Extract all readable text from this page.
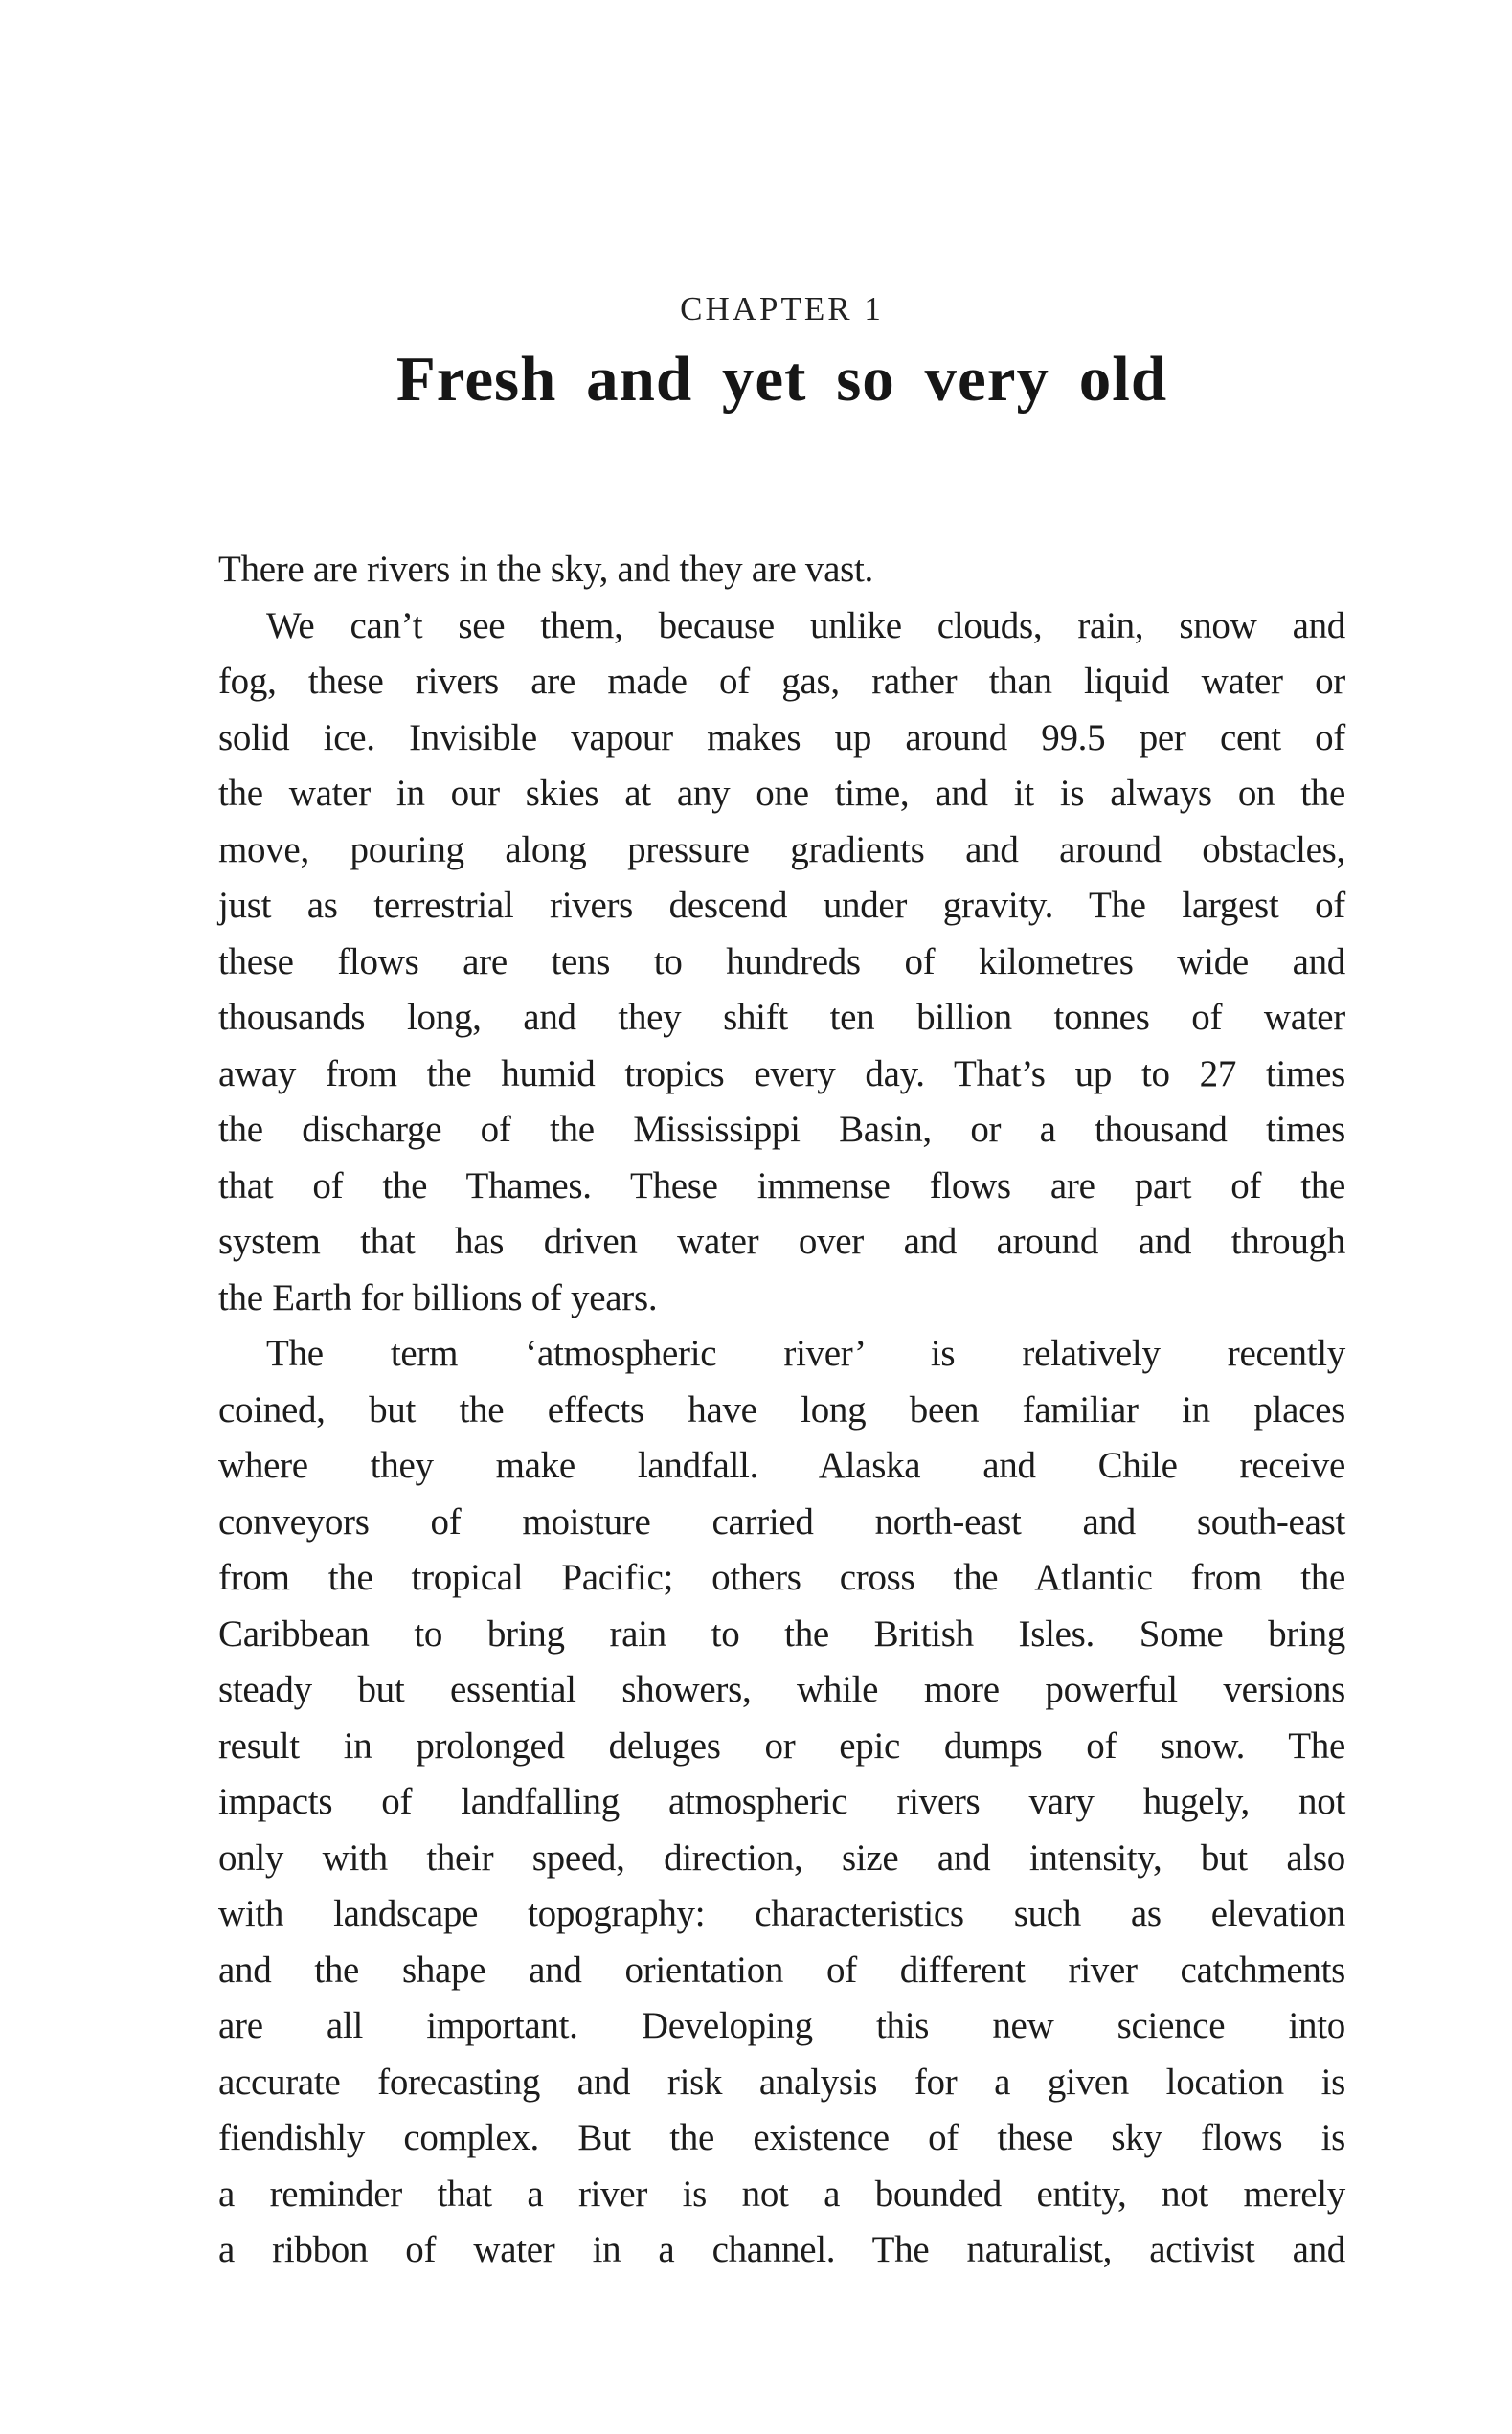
CHAPTER 1
Fresh and yet so very old
There are rivers in the sky, and they are vast.
We can’t see them, because unlike clouds, rain, snow and
fog, these rivers are made of gas, rather than liquid water or
solid ice. Invisible vapour makes up around 99.5 per cent of
the water in our skies at any one time, and it is always on the
move, pouring along pressure gradients and around obstacles,
just as terrestrial rivers descend under gravity. The largest of
these flows are tens to hundreds of kilometres wide and
thousands long, and they shift ten billion tonnes of water
away from the humid tropics every day. That’s up to 27 times
the discharge of the Mississippi Basin, or a thousand times
that of the Thames. These immense flows are part of the
system that has driven water over and around and through
the Earth for billions of years.
The term ‘atmospheric river’ is relatively recently
coined, but the effects have long been familiar in places
where they make landfall. Alaska and Chile receive
conveyors of moisture carried north-east and south-east
from the tropical Pacific; others cross the Atlantic from the
Caribbean to bring rain to the British Isles. Some bring
steady but essential showers, while more powerful versions
result in prolonged deluges or epic dumps of snow. The
impacts of landfalling atmospheric rivers vary hugely, not
only with their speed, direction, size and intensity, but also
with landscape topography: characteristics such as elevation
and the shape and orientation of different river catchments
are all important. Developing this new science into
accurate forecasting and risk analysis for a given location is
fiendishly complex. But the existence of these sky flows is
a reminder that a river is not a bounded entity, not merely
a ribbon of water in a channel. The naturalist, activist and
